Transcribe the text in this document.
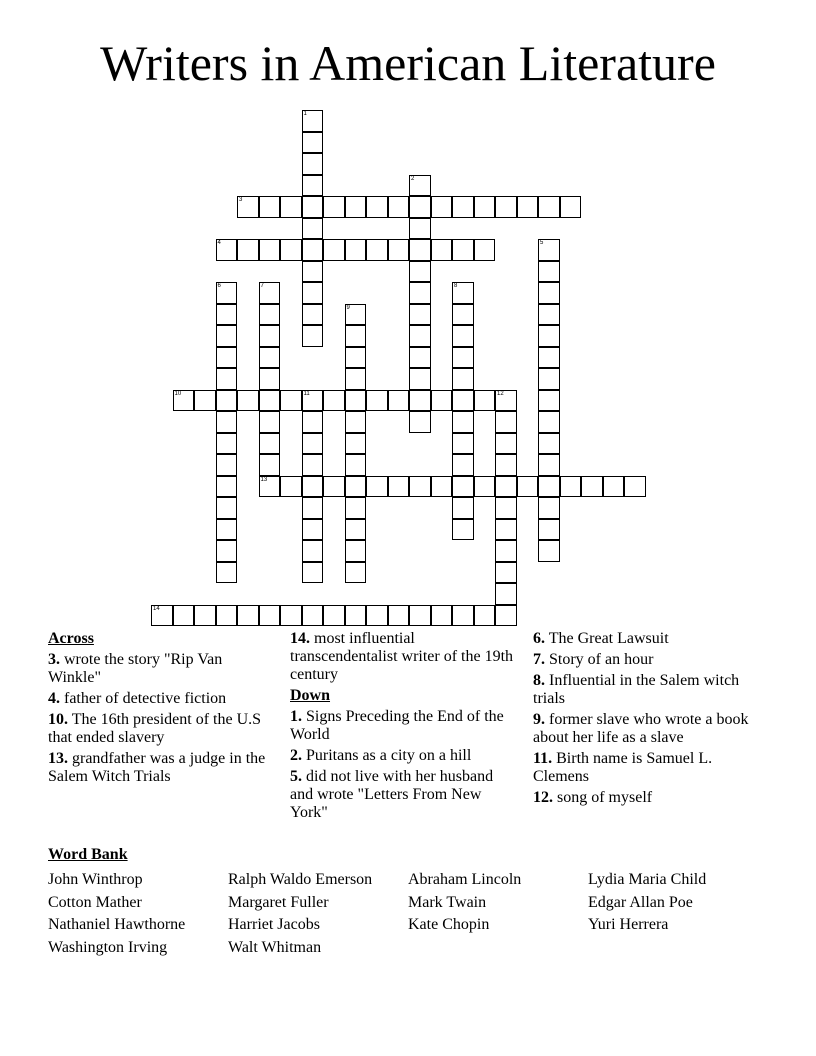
Writers in American Literature
1
2
3
4	5
6	7
13
8
9
10	11	12
14
Across
3. wrote the story "Rip Van Winkle"
4. father of detective fiction
10. The 16th president of the U.S that ended slavery
13. grandfather was a judge in the Salem Witch Trials
14. most influential transcendentalist writer of the 19th century
Down
1. Signs Preceding the End of the World
2. Puritans as a city on a hill
5. did not live with her husband and wrote "Letters From New York"
6. The Great Lawsuit
7. Story of an hour
8. Influential in the Salem witch trials
9. former slave who wrote a book about her life as a slave
11. Birth name is Samuel L. Clemens
12. song of myself
Word Bank
John Winthrop
Cotton Mather
Nathaniel Hawthorne
Washington Irving
Ralph Waldo Emerson
Margaret Fuller
Harriet Jacobs
Walt Whitman
Abraham Lincoln
Mark Twain
Kate Chopin
Lydia Maria Child
Edgar Allan Poe
Yuri Herrera
